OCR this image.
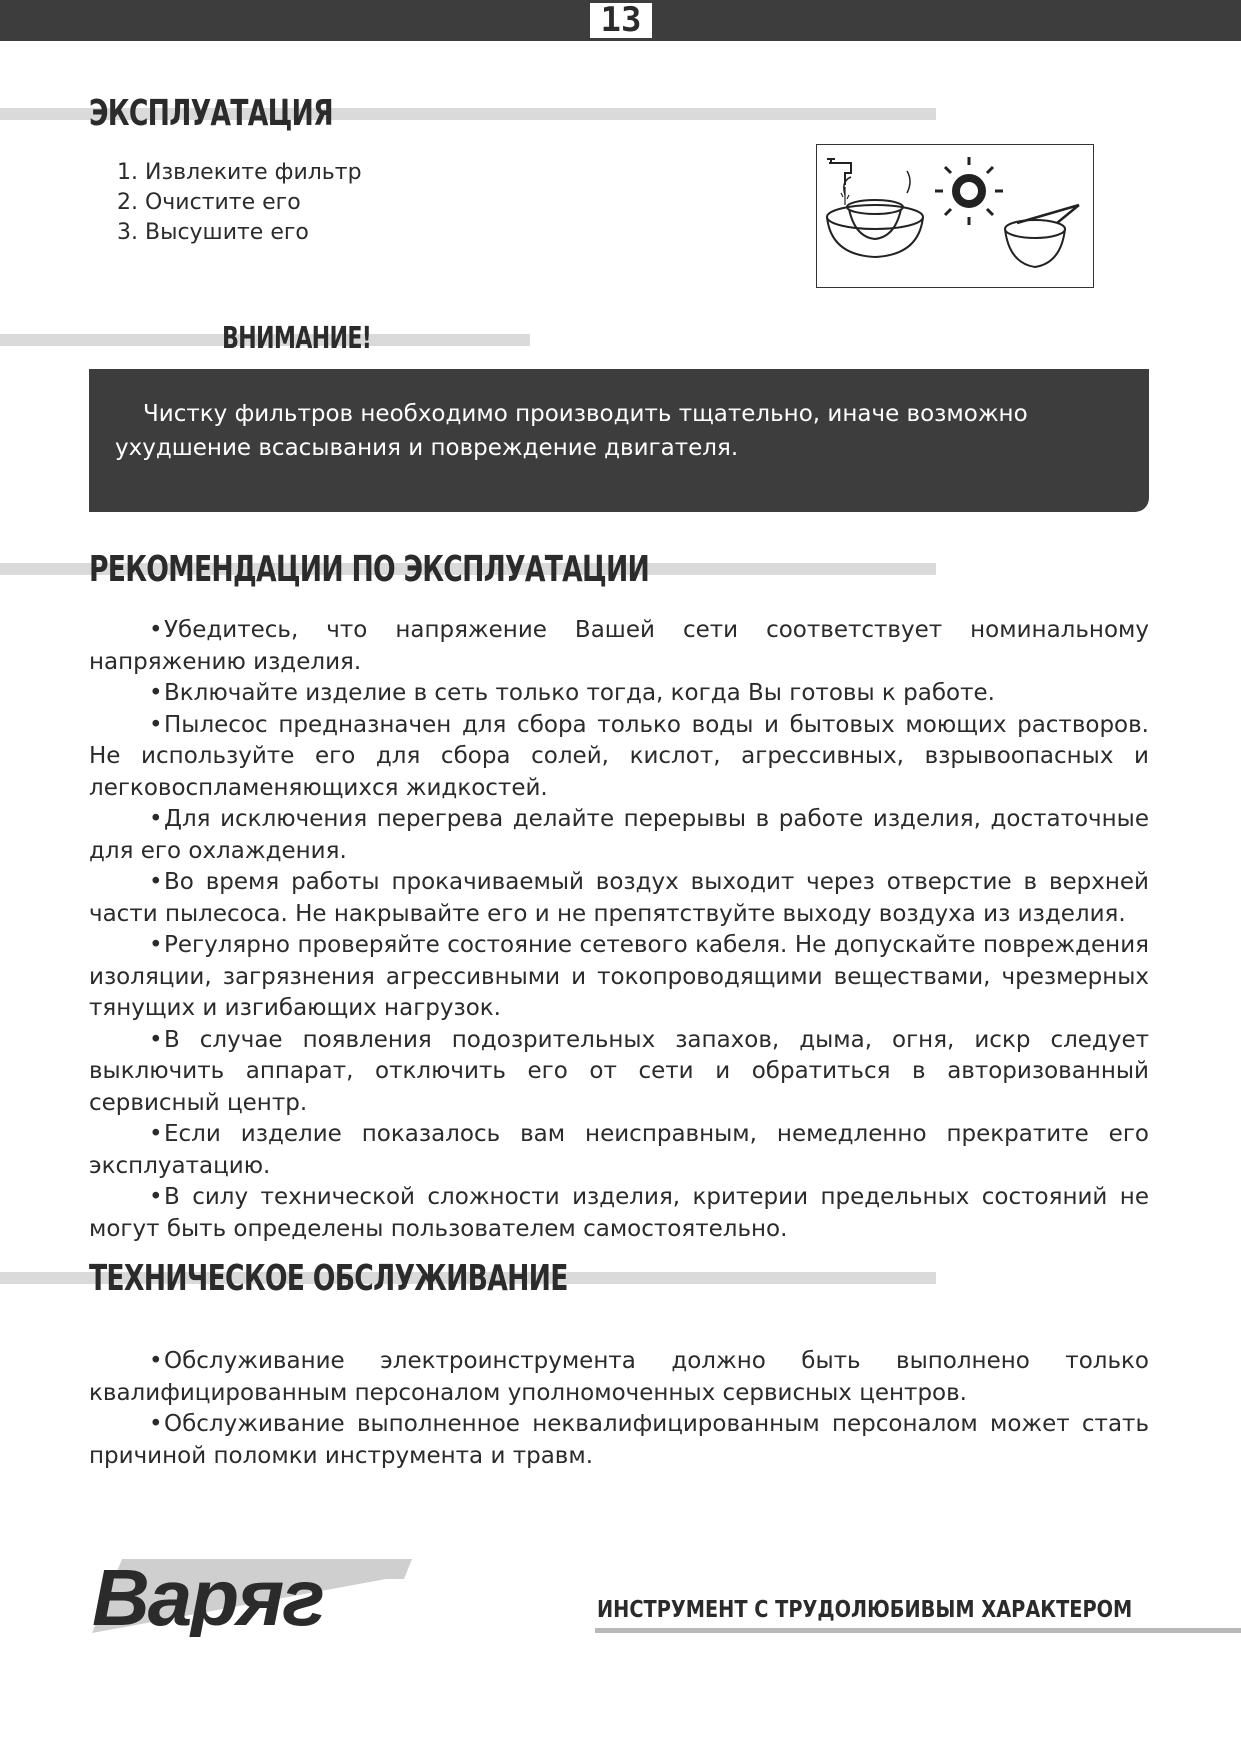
13
ЭКСПЛУАТАЦИЯ
1. Извлеките фильтр
2. Очистите его
3. Высушите его
ВНИМАНИЕ!

Чистку фильтров необходимо производить тщательно, иначе возможно ухудшение всасывания и повреждение двигателя.

РЕКОМЕНДАЦИИ ПО ЭКСПЛУАТАЦИИ

•Убедитесь, что напряжение Вашей сети соответствует номинальному напряжению изделия.

•Включайте изделие в сеть только тогда, когда Вы готовы к работе.

•Пылесос предназначен для сбора только воды и бытовых моющих растворов. Не используйте его для сбора солей, кислот, агрессивных, взрывоопасных и легковоспламеняющихся жидкостей.

•Для исключения перегрева делайте перерывы в работе изделия, достаточные для его охлаждения.

•Во время работы прокачиваемый воздух выходит через отверстие в верхней части пылесоса. Не накрывайте его и не препятствуйте выходу воздуха из изделия.

•Регулярно проверяйте состояние сетевого кабеля. Не допускайте повреждения изоляции, загрязнения агрессивными и токопроводящими веществами, чрезмерных тянущих и изгибающих нагрузок.

•В случае появления подозрительных запахов, дыма, огня, искр следует выключить аппарат, отключить его от сети и обратиться в авторизованный сервисный центр.

•Если изделие показалось вам неисправным, немедленно прекратите его эксплуатацию.

•В силу технической сложности изделия, критерии предельных состояний не могут быть определены пользователем самостоятельно.

ТЕХНИЧЕСКОЕ ОБСЛУЖИВАНИЕ

•Обслуживание электроинструмента должно быть выполнено только квалифицированным персоналом уполномоченных сервисных центров.

•Обслуживание выполненное неквалифицированным персоналом может стать причиной поломки инструмента и травм.

Варяг	ИНСТРУМЕНТ С ТРУДОЛЮБИВЫМ ХАРАКТЕРОМ
